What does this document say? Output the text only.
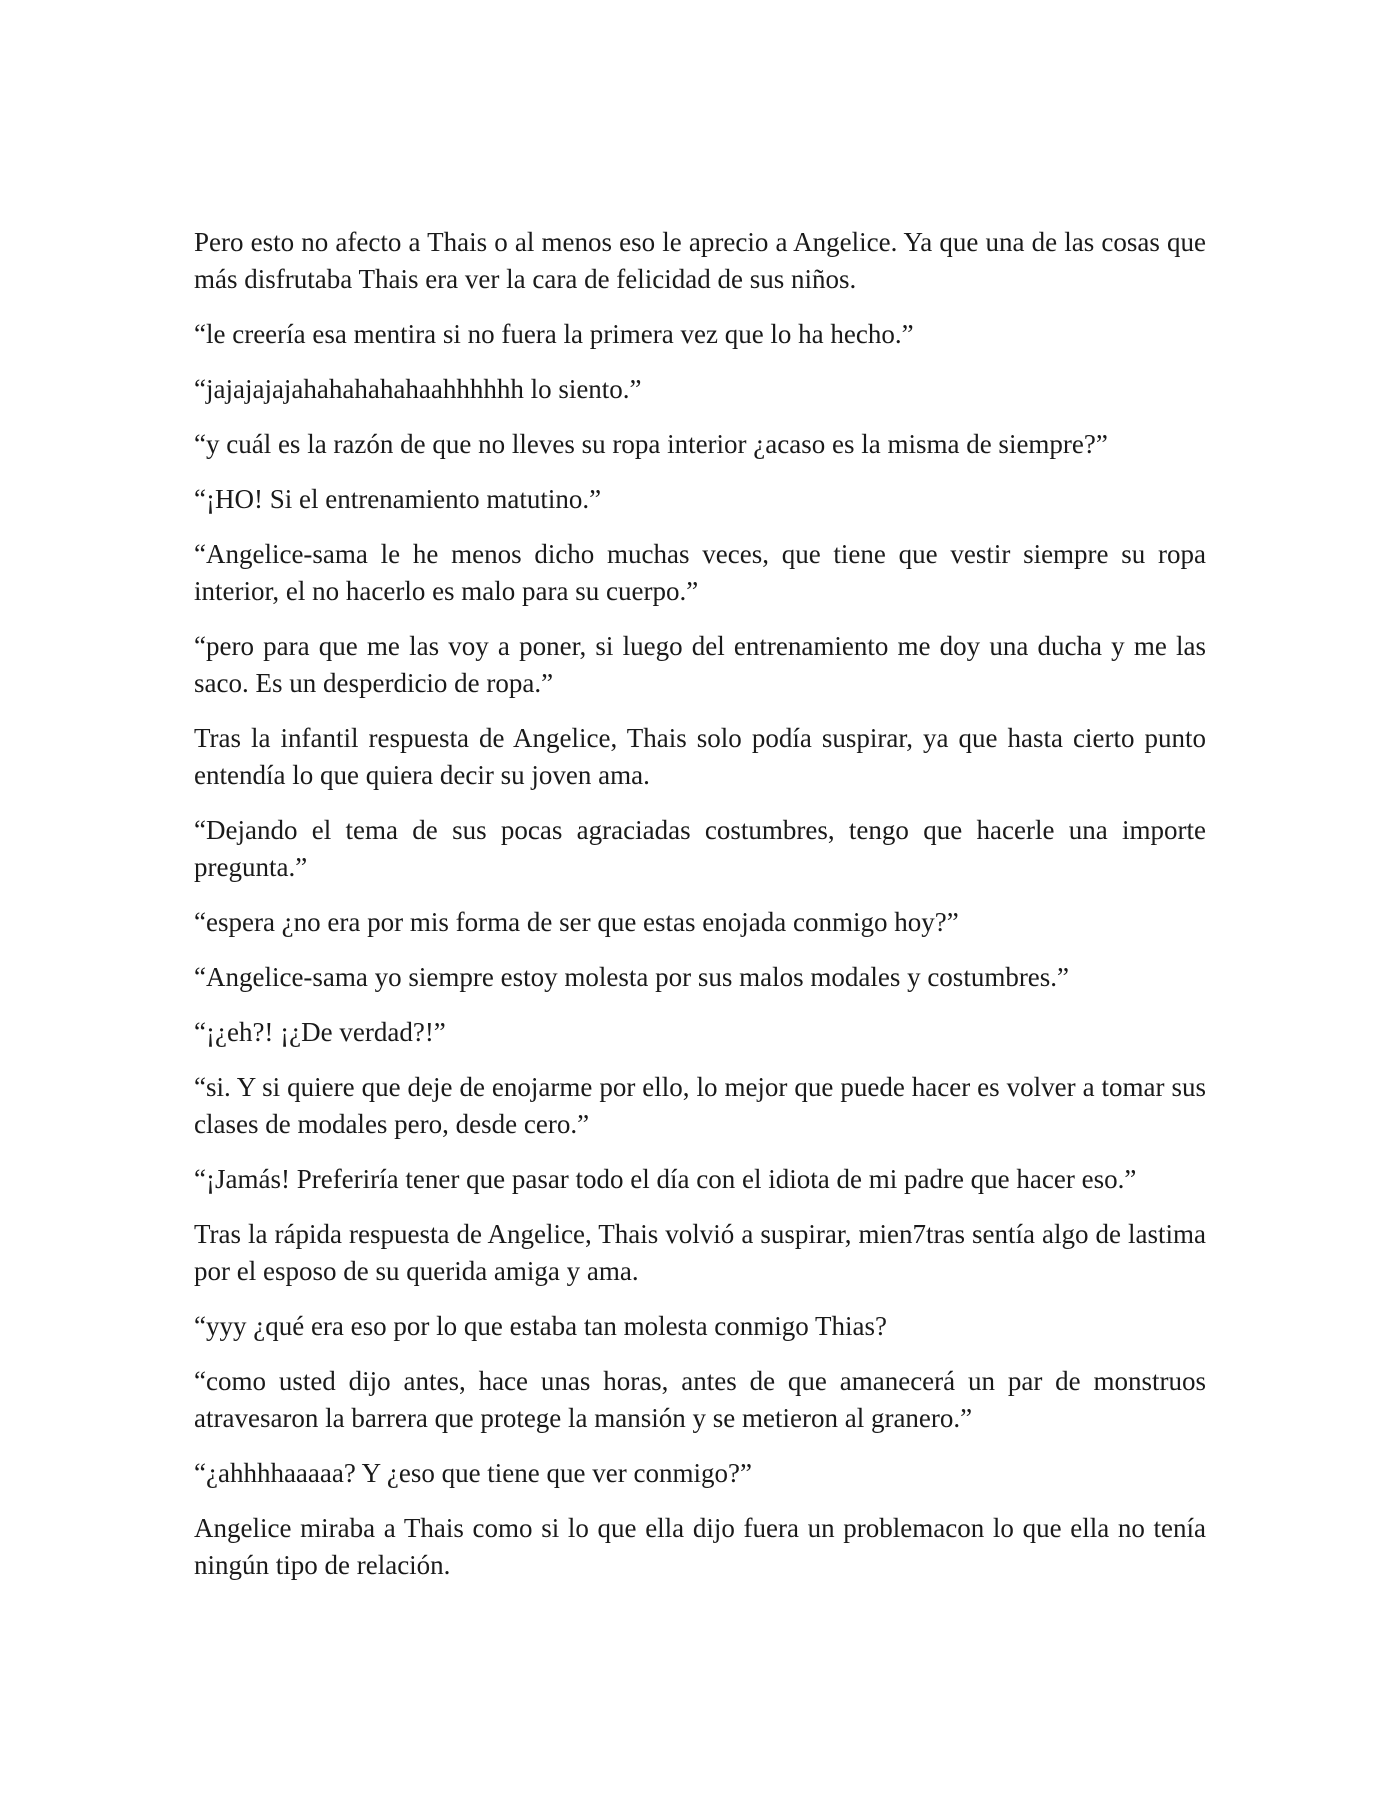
Pero esto no afecto a Thais o al menos eso le aprecio a Angelice. Ya que una de las cosas que más disfrutaba Thais era ver la cara de felicidad de sus niños.

“le creería esa mentira si no fuera la primera vez que lo ha hecho.”

“jajajajajahahahahahaahhhhhh lo siento.”

“y cuál es la razón de que no lleves su ropa interior ¿acaso es la misma de siempre?”

“¡HO! Si el entrenamiento matutino.”

“Angelice-sama le he menos dicho muchas veces, que tiene que vestir siempre su ropa interior, el no hacerlo es malo para su cuerpo.”

“pero para que me las voy a poner, si luego del entrenamiento me doy una ducha y me las saco. Es un desperdicio de ropa.”

Tras la infantil respuesta de Angelice, Thais solo podía suspirar, ya que hasta cierto punto entendía lo que quiera decir su joven ama.

“Dejando el tema de sus pocas agraciadas costumbres, tengo que hacerle una importe pregunta.”

“espera ¿no era por mis forma de ser que estas enojada conmigo hoy?”

“Angelice-sama yo siempre estoy molesta por sus malos modales y costumbres.”

“¡¿eh?! ¡¿De verdad?!”

“si. Y si quiere que deje de enojarme por ello, lo mejor que puede hacer es volver a tomar sus clases de modales pero, desde cero.”

“¡Jamás! Preferiría tener que pasar todo el día con el idiota de mi padre que hacer eso.”

Tras la rápida respuesta de Angelice, Thais volvió a suspirar, mien7tras sentía algo de lastima por el esposo de su querida amiga y ama.

“yyy ¿qué era eso por lo que estaba tan molesta conmigo Thias?

“como usted dijo antes, hace unas horas, antes de que amanecerá un par de monstruos atravesaron la barrera que protege la mansión y se metieron al granero.”

“¿ahhhhaaaaa? Y ¿eso que tiene que ver conmigo?”

Angelice miraba a Thais como si lo que ella dijo fuera un problemacon lo que ella no tenía ningún tipo de relación.
